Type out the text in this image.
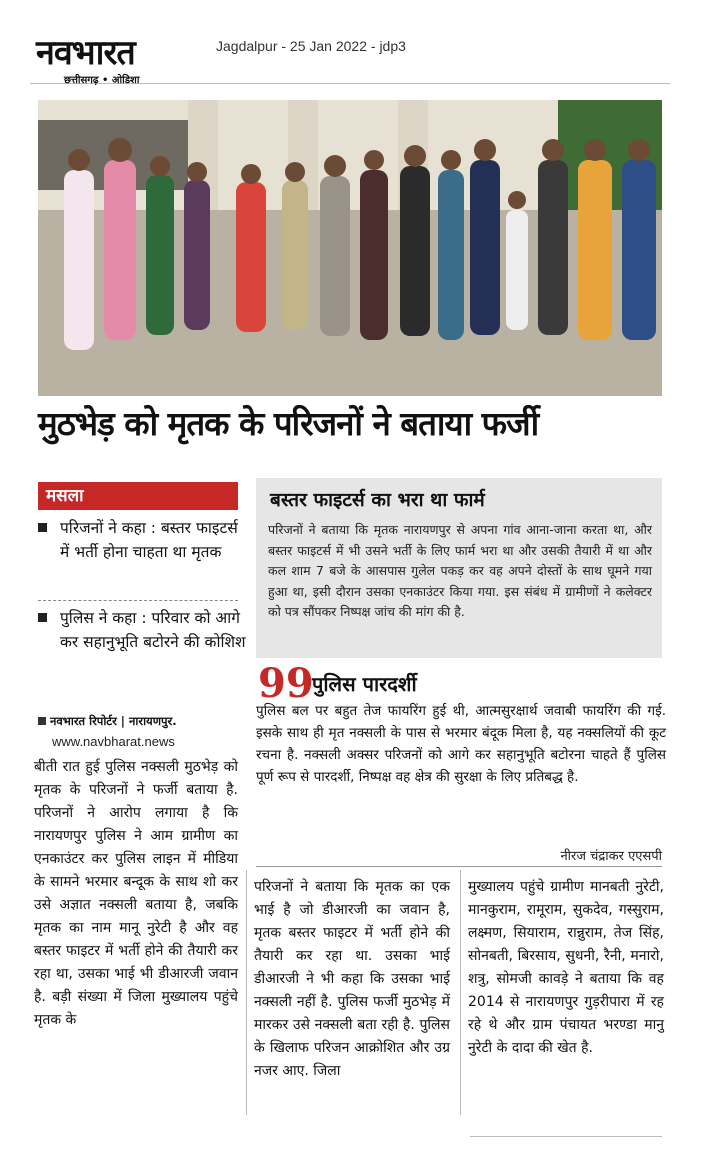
नवभारत
छत्तीसगढ़ • ओडिशा
Jagdalpur - 25 Jan 2022 - jdp3
मुठभेड़ को मृतक के परिजनों ने बताया फर्जी
मसला
परिजनों ने कहा : बस्तर फाइटर्स में भर्ती होना चाहता था मृतक
पुलिस ने कहा : परिवार को आगे कर सहानुभूति बटोरने की कोशिश
नवभारत रिपोर्टर | नारायणपुर.
www.navbharat.news
बीती रात हुई पुलिस नक्सली मुठभेड़ को मृतक के परिजनों ने फर्जी बताया है. परिजनों ने आरोप लगाया है कि नारायणपुर पुलिस ने आम ग्रामीण का एनकाउंटर कर पुलिस लाइन में मीडिया के सामने भरमार बन्दूक के साथ शो कर उसे अज्ञात नक्सली बताया है, जबकि मृतक का नाम मानू नुरेटी है और वह बस्तर फाइटर में भर्ती होने की तैयारी कर रहा था, उसका भाई भी डीआरजी जवान है. बड़ी संख्या में जिला मुख्यालय पहुंचे मृतक के
बस्तर फाइटर्स का भरा था फार्म
परिजनों ने बताया कि मृतक नारायणपुर से अपना गांव आना-जाना करता था, और बस्तर फाइटर्स में भी उसने भर्ती के लिए फार्म भरा था और उसकी तैयारी में था और कल शाम 7 बजे के आसपास गुलेल पकड़ कर वह अपने दोस्तों के साथ घूमने गया हुआ था, इसी दौरान उसका एनकाउंटर किया गया. इस संबंध में ग्रामीणों ने कलेक्टर को पत्र सौंपकर निष्पक्ष जांच की मांग की है.
99
पुलिस पारदर्शी
पुलिस बल पर बहुत तेज फायरिंग हुई थी, आत्मसुरक्षार्थ जवाबी फायरिंग की गई. इसके साथ ही मृत नक्सली के पास से भरमार बंदूक मिला है, यह नक्सलियों की कूट रचना है. नक्सली अक्सर परिजनों को आगे कर सहानुभूति बटोरना चाहते हैं पुलिस पूर्ण रूप से पारदर्शी, निष्पक्ष वह क्षेत्र की सुरक्षा के लिए प्रतिबद्ध है.
नीरज चंद्राकर एएसपी
परिजनों ने बताया कि मृतक का एक भाई है जो डीआरजी का जवान है, मृतक बस्तर फाइटर में भर्ती होने की तैयारी कर रहा था. उसका भाई डीआरजी ने भी कहा कि उसका भाई नक्सली नहीं है. पुलिस फर्जी मुठभेड़ में मारकर उसे नक्सली बता रही है. पुलिस के खिलाफ परिजन आक्रोशित और उग्र नजर आए. जिला
मुख्यालय पहुंचे ग्रामीण मानबती नुरेटी, मानकुराम, रामूराम, सुकदेव, गस्सुराम, लक्ष्मण, सियाराम, रान्नुराम, तेज सिंह, सोनबती, बिरसाय, सुधनी, रैनी, मनारो, शत्रु, सोमजी कावड़े ने बताया कि वह 2014 से नारायणपुर गुड़रीपारा में रह रहे थे और ग्राम पंचायत भरण्डा मानु नुरेटी के दादा की खेत है.
